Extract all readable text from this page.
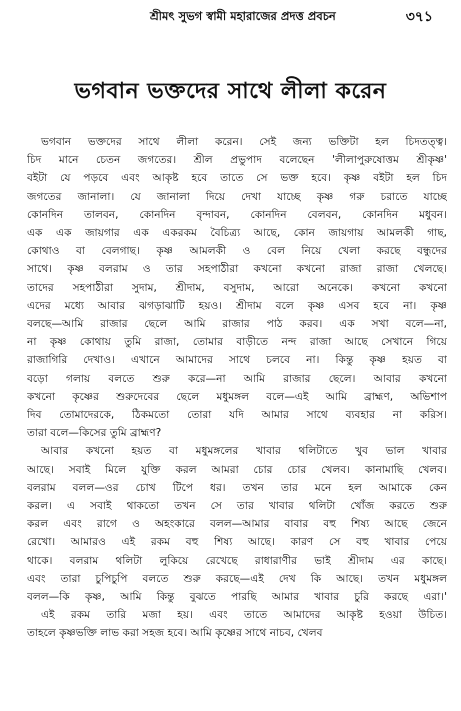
শ্রীমৎ সুভগ স্বামী মহারাজের প্রদত্ত প্রবচন	৩৭১
ভগবান ভক্তদের সাথে লীলা করেন
ভগবান ভক্তদের সাথে লীলা করেন। সেই জন্য ভক্তিটা হল চিদতত্ত্ব।
চিদ মানে চেতন জগতের। শ্রীল প্রভুপাদ বলেছেন 'লীলাপুরুষোত্তম শ্রীকৃষ্ণ'
বইটা যে পড়বে এবং আকৃষ্ট হবে তাতে সে ভক্ত হবে। কৃষ্ণ বইটা হল চিদ
জগতের জানালা। যে জানালা দিয়ে দেখা যাচ্ছে কৃষ্ণ গরু চরাতে যাচ্ছে
কোনদিন তালবন, কোনদিন বৃন্দাবন, কোনদিন বেলবন, কোনদিন মধুবন।
এক এক জায়গার এক একরকম বৈচিত্র্য আছে, কোন জায়গায় আমলকী গাছ,
কোথাও বা বেলগাছ। কৃষ্ণ আমলকী ও বেল নিয়ে খেলা করছে বন্ধুদের
সাথে। কৃষ্ণ বলরাম ও তার সহপাঠীরা কখনো কখনো রাজা রাজা খেলছে।
তাদের সহপাঠীরা সুদাম, শ্রীদাম, বসুদাম, আরো অনেকে। কখনো কখনো
এদের মধ্যে আবার ঝগড়াঝাটি হয়ও। শ্রীদাম বলে কৃষ্ণ এসব হবে না। কৃষ্ণ
বলছে—আমি রাজার ছেলে আমি রাজার পাঠ করব। এক সখা বলে—না,
না কৃষ্ণ কোথায় তুমি রাজা, তোমার বাড়ীতে নন্দ রাজা আছে সেখানে গিয়ে
রাজাগিরি দেখাও। এখানে আমাদের সাথে চলবে না। কিন্তু কৃষ্ণ হয়ত বা
বড়ো গলায় বলতে শুরু করে—না আমি রাজার ছেলে। আবার কখনো
কখনো কৃষ্ণের শুরুদেবের ছেলে মধুমঙ্গল বলে—এই আমি ব্রাহ্মণ, অভিশাপ
দিব তোমাদেরকে, ঠিকমতো তোরা যদি আমার সাথে ব্যবহার না করিস।
তারা বলে—কিসের তুমি ব্রাহ্মণ?
আবার কখনো হয়ত বা মধুমঙ্গলের খাবার থলিটাতে খুব ভাল খাবার
আছে। সবাই মিলে যুক্তি করল আমরা চোর চোর খেলব। কানামাছি খেলব।
বলরাম বলল—ওর চোখ টিপে ধর। তখন তার মনে হল আমাকে কেন
করল। এ সবাই থাকতো তখন সে তার খাবার থলিটা খোঁজ করতে শুরু
করল এবং রাগে ও অহংকারে বলল—আমার বাবার বহু শিষ্য আছে জেনে
রেখো। আমারও এই রকম বহু শিষ্য আছে। কারণ সে বহু খাবার পেয়ে
থাকে। বলরাম থলিটা লুকিয়ে রেখেছে রাধারাণীর ভাই শ্রীদাম এর কাছে।
এবং তারা চুপিচুপি বলতে শুরু করছে—এই দেখ কি আছে। তখন মধুমঙ্গল
বলল—কি কৃষ্ণ, আমি কিন্তু বুঝতে পারছি আমার খাবার চুরি করছে এরা।'
এই রকম তারি মজা হয়। এবং তাতে আমাদের আকৃষ্ট হওয়া উচিত।
তাহলে কৃষ্ণভক্তি লাভ করা সহজ হবে। আমি কৃষ্ণের সাথে নাচব, খেলব
